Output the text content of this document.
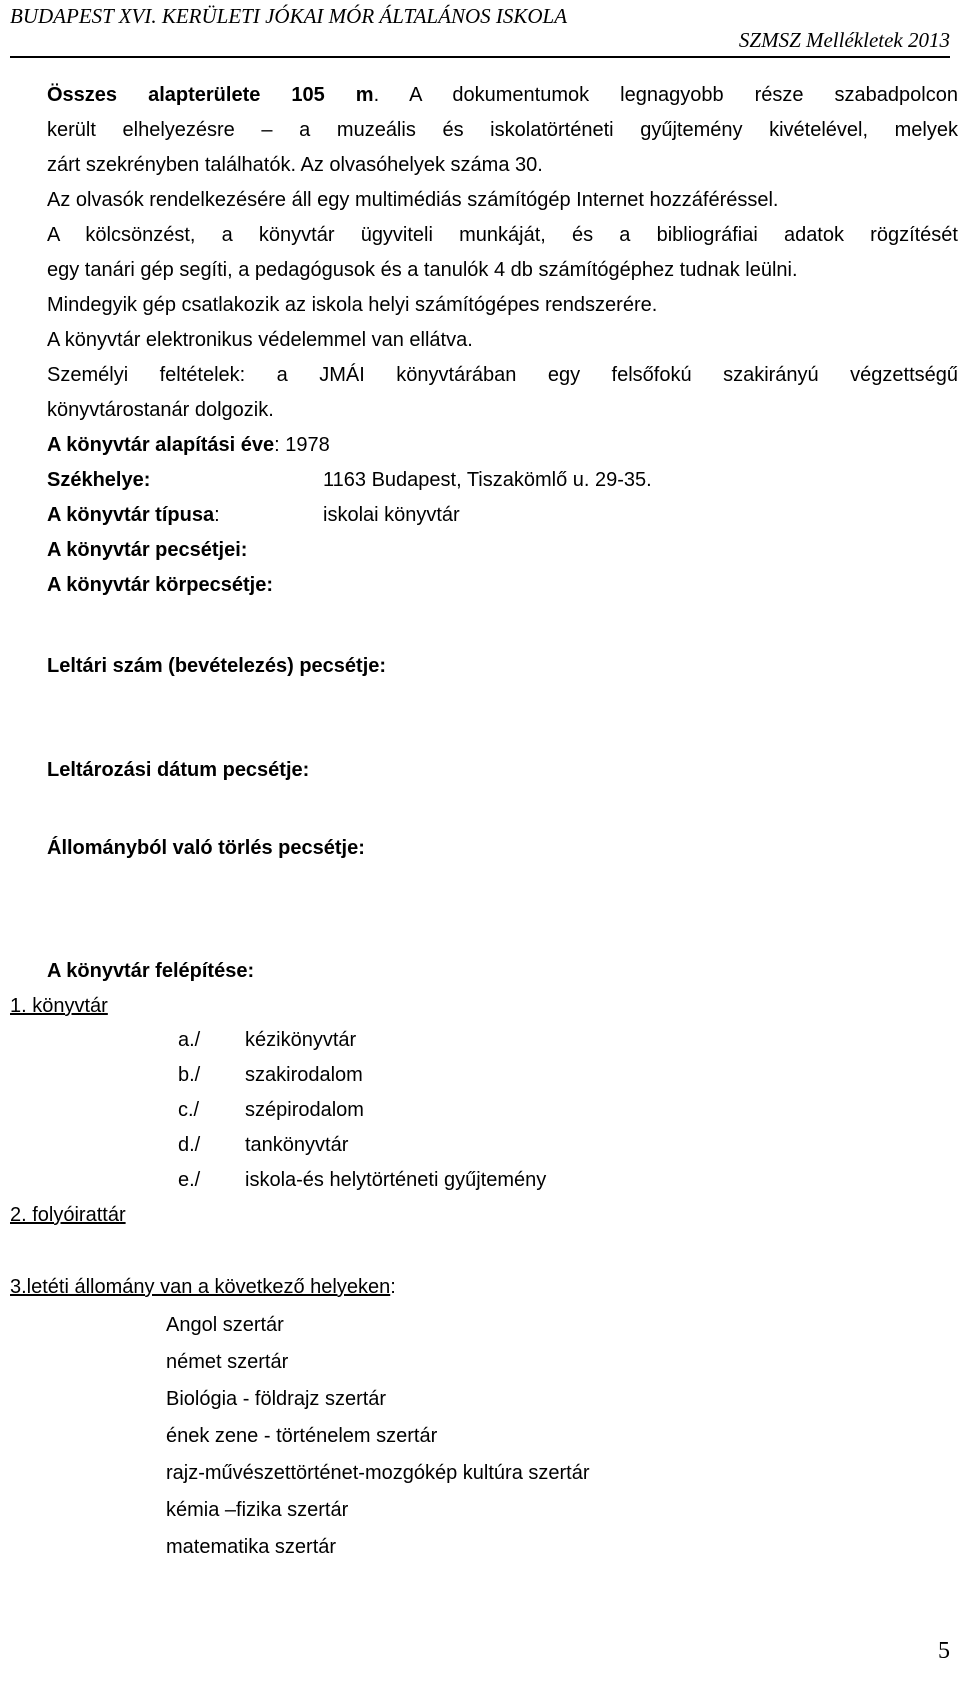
BUDAPEST XVI. KERÜLETI JÓKAI MÓR ÁLTALÁNOS ISKOLA
SZMSZ Mellékletek 2013
Összes alapterülete 105 m. A dokumentumok legnagyobb része szabadpolcon
került elhelyezésre – a muzeális és iskolatörténeti gyűjtemény kivételével, melyek
zárt szekrényben találhatók. Az olvasóhelyek száma 30.
Az olvasók rendelkezésére áll egy multimédiás számítógép Internet hozzáféréssel.
A kölcsönzést, a könyvtár ügyviteli munkáját, és a bibliográfiai adatok rögzítését
egy tanári gép segíti, a pedagógusok és a tanulók 4 db számítógéphez tudnak leülni.
Mindegyik gép csatlakozik az iskola helyi számítógépes rendszerére.
A könyvtár elektronikus védelemmel van ellátva.
Személyi feltételek: a JMÁI könyvtárában egy felsőfokú szakirányú végzettségű
könyvtárostanár dolgozik.
A könyvtár alapítási éve: 1978
Székhelye:	1163 Budapest, Tiszakömlő u. 29-35.
A könyvtár típusa:	iskolai könyvtár
A könyvtár pecsétjei:
A könyvtár körpecsétje:
Leltári szám (bevételezés) pecsétje:
Leltározási dátum pecsétje:
Állományból való törlés pecsétje:
A könyvtár felépítése:
1. könyvtár
a./ kézikönyvtár
b./ szakirodalom
c./ szépirodalom
d./ tankönyvtár
e./ iskola-és helytörténeti gyűjtemény
2. folyóirattár
3.letéti állomány van a következő helyeken:
Angol szertár
német szertár
Biológia - földrajz szertár
ének zene - történelem szertár
rajz-művészettörténet-mozgókép kultúra szertár
kémia –fizika szertár
matematika szertár
5
